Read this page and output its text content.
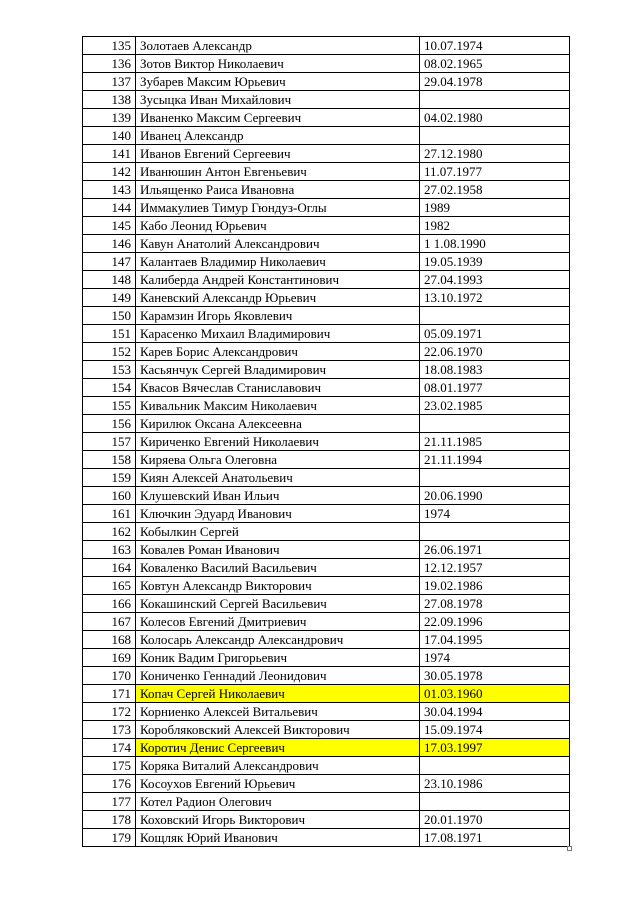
135	Золотаев Александр	10.07.1974
136	Зотов Виктор Николаевич	08.02.1965
137	Зубарев Максим Юрьевич	29.04.1978
138	Зусыцка Иван Михайлович	
139	Иваненко Максим Сергеевич	04.02.1980
140	Иванец Александр	
141	Иванов Евгений Сергеевич	27.12.1980
142	Иванюшин Антон Евгеньевич	11.07.1977
143	Ильященко Раиса Ивановна	27.02.1958
144	Иммакулиев Тимур Гюндуз-Оглы	1989
145	Кабо Леонид Юрьевич	1982
146	Кавун Анатолий Александрович	1 1.08.1990
147	Калантаев Владимир Николаевич	19.05.1939
148	Калиберда Андрей Константинович	27.04.1993
149	Каневский Александр Юрьевич	13.10.1972
150	Карамзин Игорь Яковлевич	
151	Карасенко Михаил Владимирович	05.09.1971
152	Карев Борис Александрович	22.06.1970
153	Касьянчук Сергей Владимирович	18.08.1983
154	Квасов Вячеслав Станиславович	08.01.1977
155	Кивальник Максим Николаевич	23.02.1985
156	Кирилюк Оксана Алексеевна	
157	Кириченко Евгений Николаевич	21.11.1985
158	Киряева Ольга Олеговна	21.11.1994
159	Киян Алексей Анатольевич	
160	Клушевский Иван Ильич	20.06.1990
161	Ключкин Эдуард Иванович	1974
162	Кобылкин Сергей	
163	Ковалев Роман Иванович	26.06.1971
164	Коваленко Василий Васильевич	12.12.1957
165	Ковтун Александр Викторович	19.02.1986
166	Кокашинский Сергей Васильевич	27.08.1978
167	Колесов Евгений Дмитриевич	22.09.1996
168	Колосарь Александр Александрович	17.04.1995
169	Коник Вадим Григорьевич	1974
170	Кониченко Геннадий Леонидович	30.05.1978
171	Копач Сергей Николаевич	01.03.1960
172	Корниенко Алексей Витальевич	30.04.1994
173	Коробляковский Алексей Викторович	15.09.1974
174	Коротич Денис Сергеевич	17.03.1997
175	Коряка Виталий Александрович	
176	Косоухов Евгений Юрьевич	23.10.1986
177	Котел Радион Олегович	
178	Коховский Игорь Викторович	20.01.1970
179	Кощляк Юрий Иванович	17.08.1971
